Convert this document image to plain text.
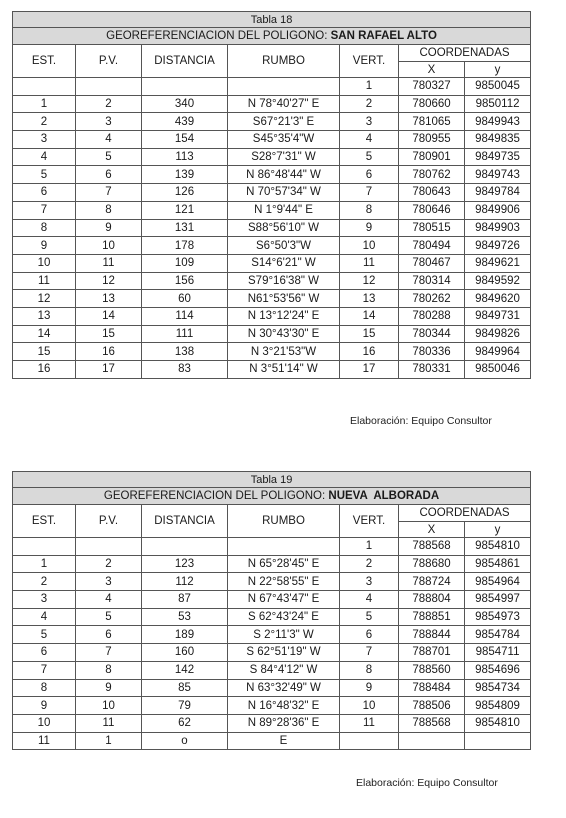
Tabla 18						
GEOREFERENCIACION DEL POLIGONO: SAN RAFAEL ALTO						
EST.	P.V.	DISTANCIA	RUMBO	VERT.	COORDENADAS	
					X	y
				1	780327	9850045
1	2	340	N 78°40'27" E	2	780660	9850112
2	3	439	S67°21'3" E	3	781065	9849943
3	4	154	S45°35'4"W	4	780955	9849835
4	5	113	S28°7'31" W	5	780901	9849735
5	6	139	N 86°48'44" W	6	780762	9849743
6	7	126	N 70°57'34" W	7	780643	9849784
7	8	121	N 1°9'44" E	8	780646	9849906
8	9	131	S88°56'10" W	9	780515	9849903
9	10	178	S6°50'3"W	10	780494	9849726
10	11	109	S14°6'21" W	11	780467	9849621
11	12	156	S79°16'38" W	12	780314	9849592
12	13	60	N61°53'56" W	13	780262	9849620
13	14	114	N 13°12'24" E	14	780288	9849731
14	15	111	N 30°43'30" E	15	780344	9849826
15	16	138	N 3°21'53"W	16	780336	9849964
16	17	83	N 3°51'14" W	17	780331	9850046
Elaboración: Equipo Consultor
Tabla 19						
GEOREFERENCIACION DEL POLIGONO: NUEVA  ALBORADA						
EST.	P.V.	DISTANCIA	RUMBO	VERT.	COORDENADAS	
					X	y
				1	788568	9854810
1	2	123	N 65°28'45" E	2	788680	9854861
2	3	112	N 22°58'55" E	3	788724	9854964
3	4	87	N 67°43'47" E	4	788804	9854997
4	5	53	S 62°43'24" E	5	788851	9854973
5	6	189	S 2°11'3" W	6	788844	9854784
6	7	160	S 62°51'19" W	7	788701	9854711
7	8	142	S 84°4'12" W	8	788560	9854696
8	9	85	N 63°32'49" W	9	788484	9854734
9	10	79	N 16°48'32" E	10	788506	9854809
10	11	62	N 89°28'36" E	11	788568	9854810
11	1	o	E			
Elaboración: Equipo Consultor
